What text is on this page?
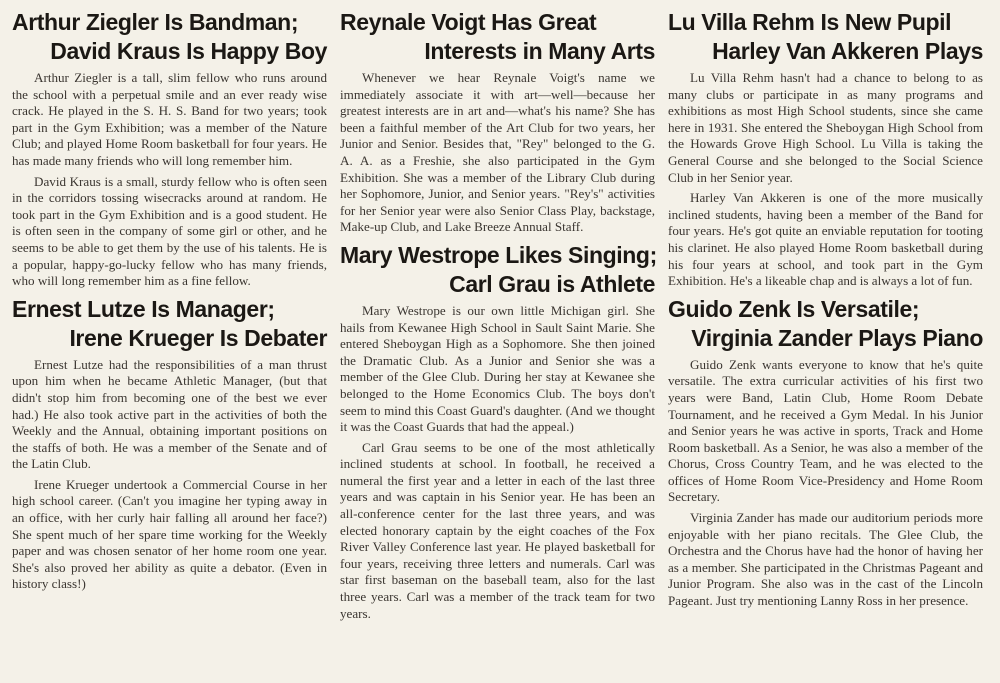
Arthur Ziegler Is Bandman;
David Kraus Is Happy Boy

Arthur Ziegler is a tall, slim fellow who runs around the school with a perpetual smile and an ever ready wise crack. He played in the S. H. S. Band for two years; took part in the Gym Exhibition; was a member of the Nature Club; and played Home Room basketball for four years. He has made many friends who will long remember him.

David Kraus is a small, sturdy fellow who is often seen in the corridors tossing wisecracks around at random. He took part in the Gym Exhibition and is a good student. He is often seen in the company of some girl or other, and he seems to be able to get them by the use of his talents. He is a popular, happy-go-lucky fellow who has many friends, who will long remember him as a fine fellow.

Ernest Lutze Is Manager;
Irene Krueger Is Debater

Ernest Lutze had the responsibilities of a man thrust upon him when he became Athletic Manager, (but that didn't stop him from becoming one of the best we ever had.) He also took active part in the activities of both the Weekly and the Annual, obtaining important positions on the staffs of both. He was a member of the Senate and of the Latin Club.

Irene Krueger undertook a Commercial Course in her high school career. (Can't you imagine her typing away in an office, with her curly hair falling all around her face?) She spent much of her spare time working for the Weekly paper and was chosen senator of her home room one year. She's also proved her ability as quite a debator. (Even in history class!)

Reynale Voigt Has Great
Interests in Many Arts

Whenever we hear Reynale Voigt's name we immediately associate it with art—well—because her greatest interests are in art and—what's his name? She has been a faithful member of the Art Club for two years, her Junior and Senior. Besides that, "Rey" belonged to the G. A. A. as a Freshie, she also participated in the Gym Exhibition. She was a member of the Library Club during her Sophomore, Junior, and Senior years. "Rey's" activities for her Senior year were also Senior Class Play, backstage, Make-up Club, and Lake Breeze Annual Staff.

Mary Westrope Likes Singing;
Carl Grau is Athlete

Mary Westrope is our own little Michigan girl. She hails from Kewanee High School in Sault Saint Marie. She entered Sheboygan High as a Sophomore. She then joined the Dramatic Club. As a Junior and Senior she was a member of the Glee Club. During her stay at Kewanee she belonged to the Home Economics Club. The boys don't seem to mind this Coast Guard's daughter. (And we thought it was the Coast Guards that had the appeal.)

Carl Grau seems to be one of the most athletically inclined students at school. In football, he received a numeral the first year and a letter in each of the last three years and was captain in his Senior year. He has been an all-conference center for the last three years, and was elected honorary captain by the eight coaches of the Fox River Valley Conference last year. He played basketball for four years, receiving three letters and numerals. Carl was star first baseman on the baseball team, also for the last three years. Carl was a member of the track team for two years.

Lu Villa Rehm Is New Pupil
Harley Van Akkeren Plays

Lu Villa Rehm hasn't had a chance to belong to as many clubs or participate in as many programs and exhibitions as most High School students, since she came here in 1931. She entered the Sheboygan High School from the Howards Grove High School. Lu Villa is taking the General Course and she belonged to the Social Science Club in her Senior year.

Harley Van Akkeren is one of the more musically inclined students, having been a member of the Band for four years. He's got quite an enviable reputation for tooting his clarinet. He also played Home Room basketball during his four years at school, and took part in the Gym Exhibition. He's a likeable chap and is always a lot of fun.

Guido Zenk Is Versatile;
Virginia Zander Plays Piano

Guido Zenk wants everyone to know that he's quite versatile. The extra curricular activities of his first two years were Band, Latin Club, Home Room Debate Tournament, and he received a Gym Medal. In his Junior and Senior years he was active in sports, Track and Home Room basketball. As a Senior, he was also a member of the Chorus, Cross Country Team, and he was elected to the offices of Home Room Vice-Presidency and Home Room Secretary.

Virginia Zander has made our auditorium periods more enjoyable with her piano recitals. The Glee Club, the Orchestra and the Chorus have had the honor of having her as a member. She participated in the Christmas Pageant and Junior Program. She also was in the cast of the Lincoln Pageant. Just try mentioning Lanny Ross in her presence.
